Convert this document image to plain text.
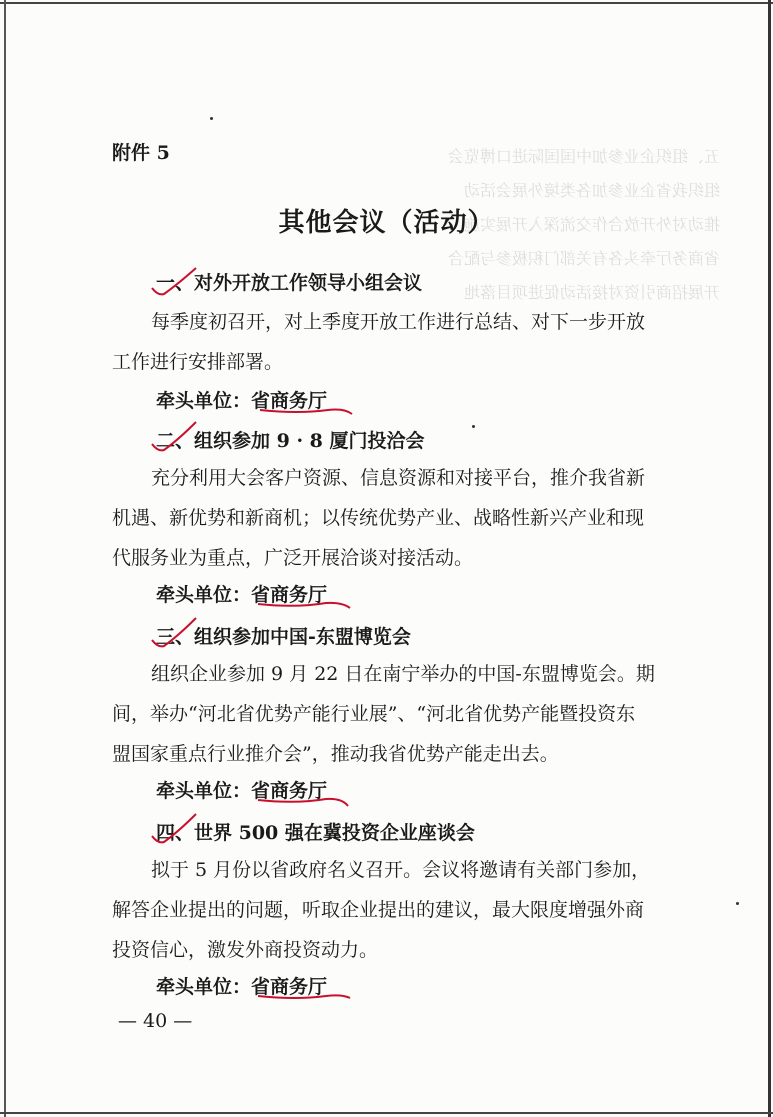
五、组织企业参加中国国际进口博览会
组织我省企业参加各类境外展会活动
推动对外开放合作交流深入开展实施
省商务厅牵头各有关部门积极参与配合
开展招商引资对接活动促进项目落地
附件 5
其他会议（活动）
一、对外开放工作领导小组会议
每季度初召开，对上季度开放工作进行总结、对下一步开放
工作进行安排部署。
牵头单位：省商务厅
二、组织参加 9 · 8 厦门投洽会
充分利用大会客户资源、信息资源和对接平台，推介我省新
机遇、新优势和新商机；以传统优势产业、战略性新兴产业和现
代服务业为重点，广泛开展洽谈对接活动。
牵头单位：省商务厅
三、组织参加中国-东盟博览会
组织企业参加 9 月 22 日在南宁举办的中国-东盟博览会。期
间，举办“河北省优势产能行业展”、“河北省优势产能暨投资东
盟国家重点行业推介会”，推动我省优势产能走出去。
牵头单位：省商务厅
四、世界 500 强在冀投资企业座谈会
拟于 5 月份以省政府名义召开。会议将邀请有关部门参加，
解答企业提出的问题，听取企业提出的建议，最大限度增强外商
投资信心，激发外商投资动力。
牵头单位：省商务厅
— 40 —
